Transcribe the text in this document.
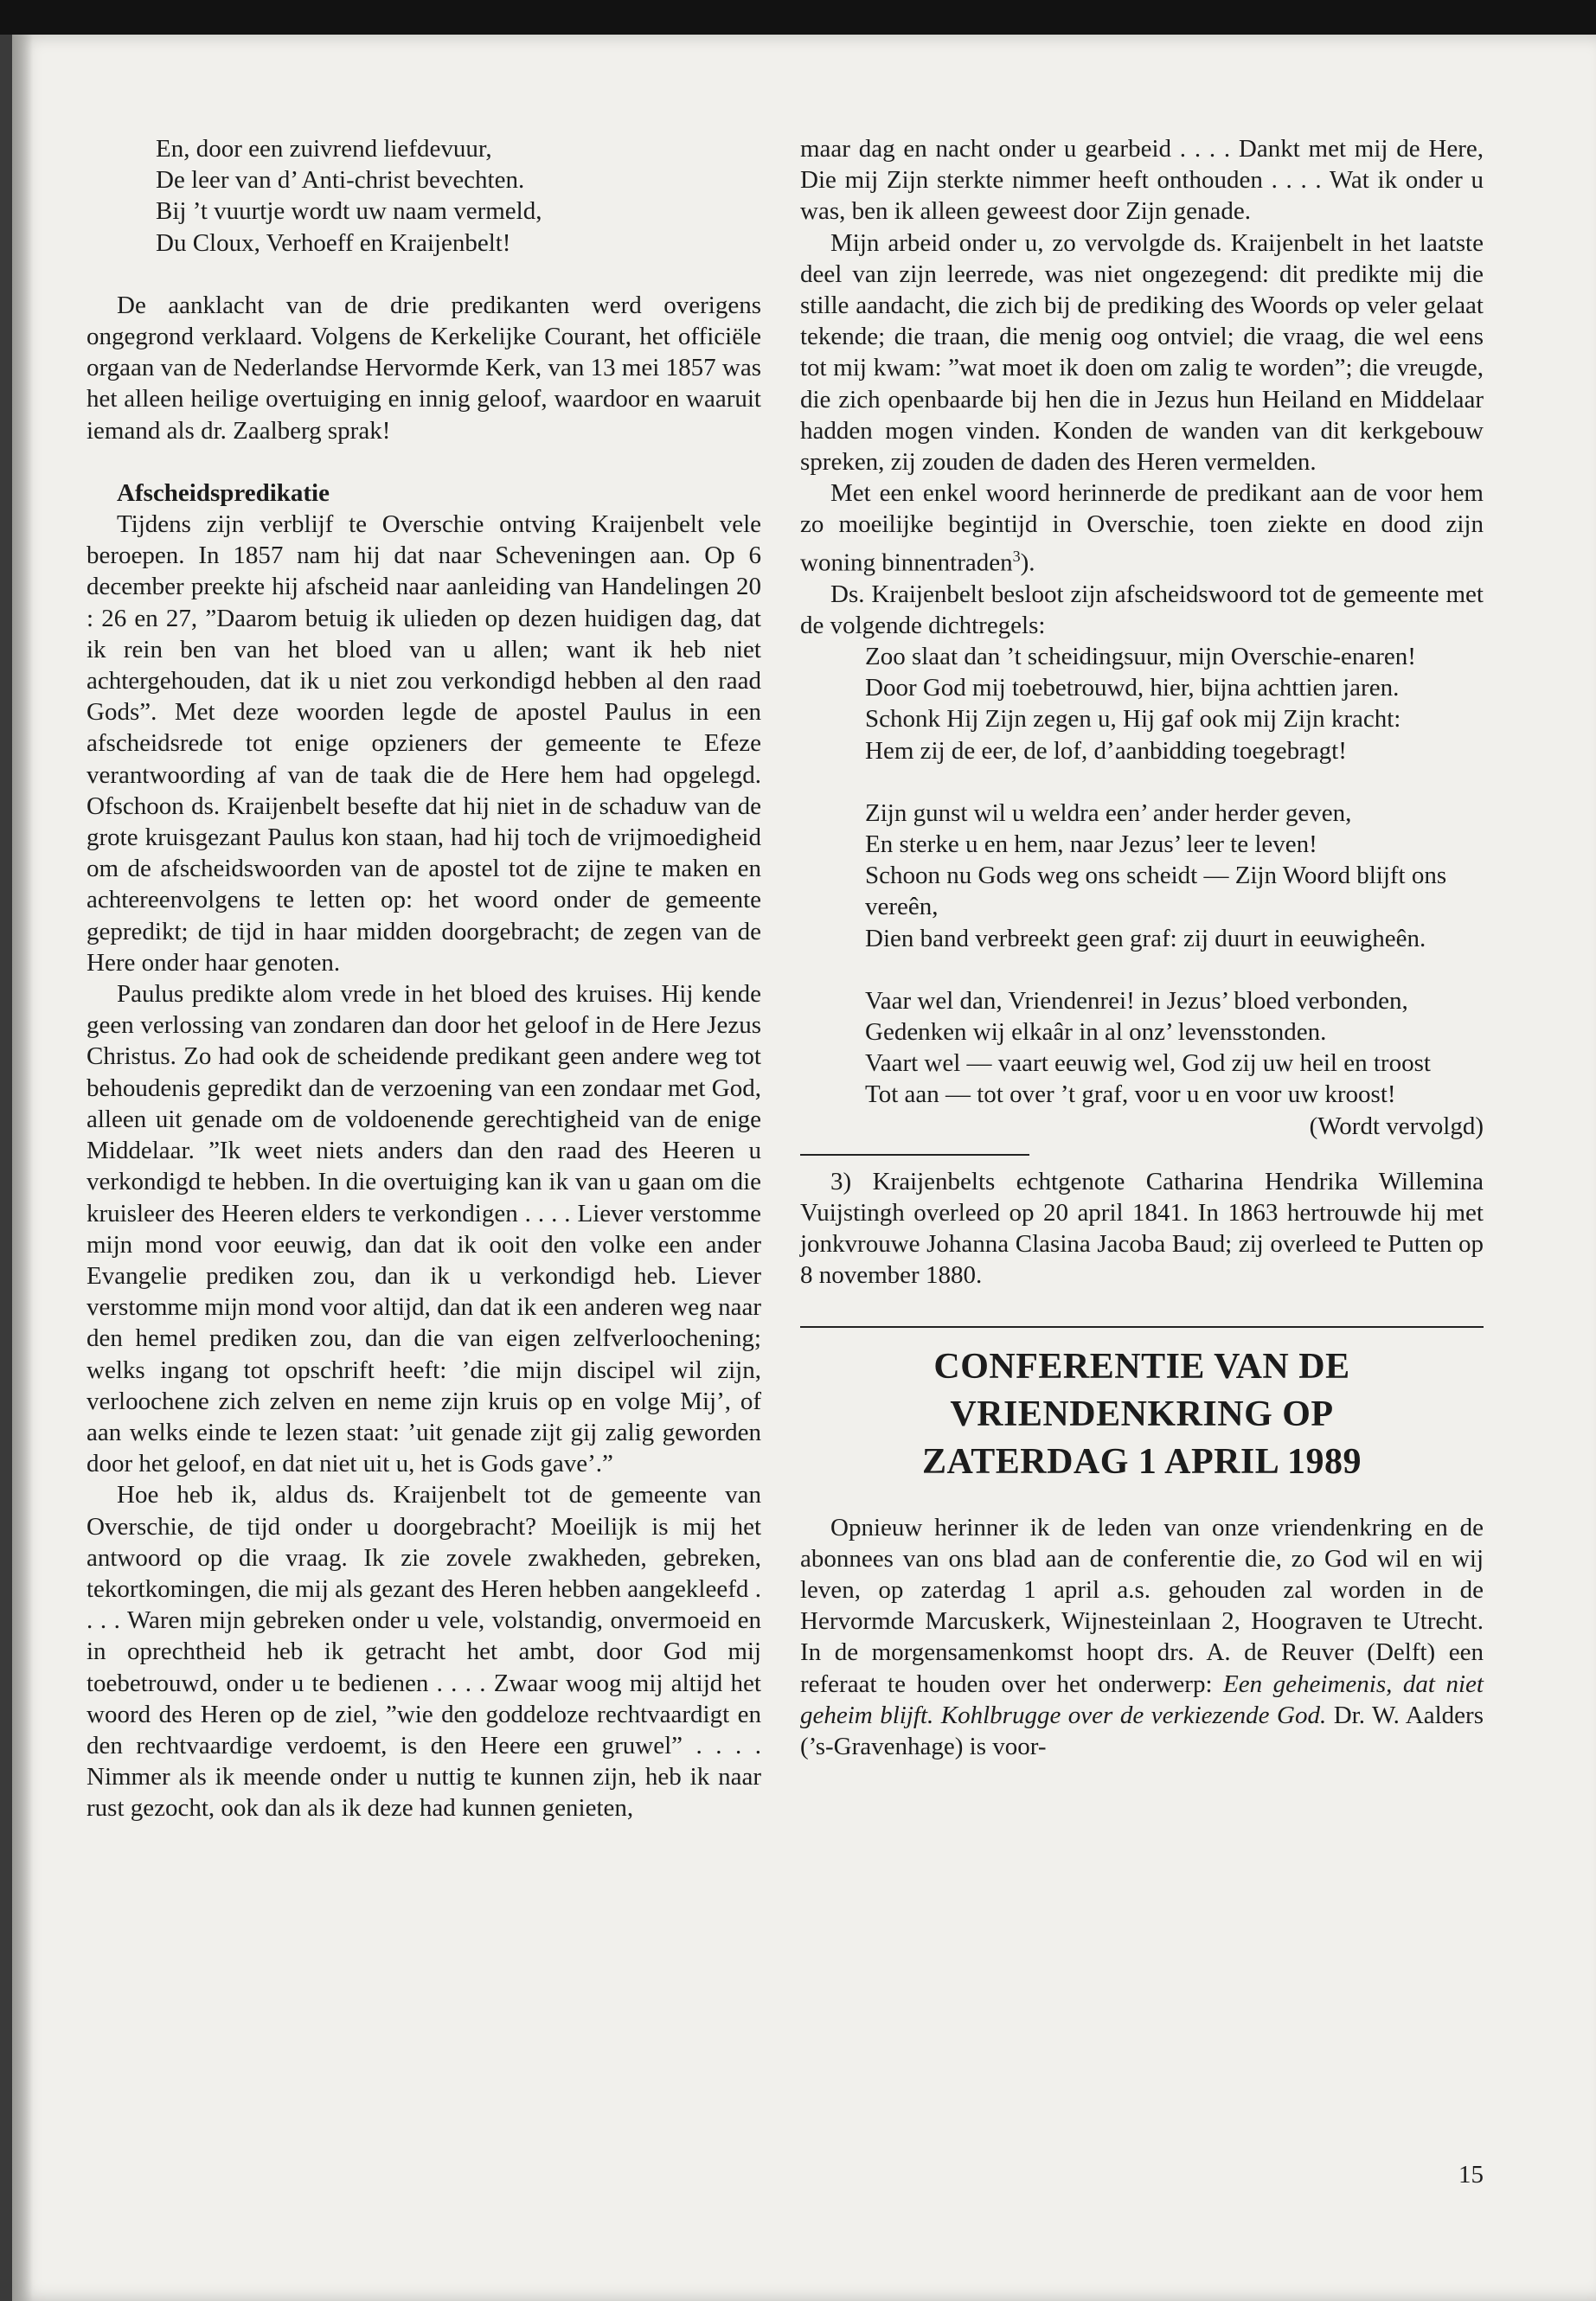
En, door een zuivrend liefdevuur,
De leer van d’ Anti-christ bevechten.
Bij ’t vuurtje wordt uw naam vermeld,
Du Cloux, Verhoeff en Kraijenbelt!

De aanklacht van de drie predikanten werd overigens ongegrond verklaard. Volgens de Kerkelijke Courant, het officiële orgaan van de Nederlandse Hervormde Kerk, van 13 mei 1857 was het alleen heilige overtuiging en innig geloof, waardoor en waaruit iemand als dr. Zaalberg sprak!

Afscheidspredikatie

Tijdens zijn verblijf te Overschie ontving Kraijenbelt vele beroepen. In 1857 nam hij dat naar Scheveningen aan. Op 6 december preekte hij afscheid naar aanleiding van Handelingen 20 : 26 en 27, ”Daarom betuig ik ulieden op dezen huidigen dag, dat ik rein ben van het bloed van u allen; want ik heb niet achtergehouden, dat ik u niet zou verkondigd hebben al den raad Gods”. Met deze woorden legde de apostel Paulus in een afscheidsrede tot enige opzieners der gemeente te Efeze verantwoording af van de taak die de Here hem had opgelegd. Ofschoon ds. Kraijenbelt besefte dat hij niet in de schaduw van de grote kruisgezant Paulus kon staan, had hij toch de vrijmoedigheid om de afscheidswoorden van de apostel tot de zijne te maken en achtereenvolgens te letten op: het woord onder de gemeente gepredikt; de tijd in haar midden doorgebracht; de zegen van de Here onder haar genoten.

Paulus predikte alom vrede in het bloed des kruises. Hij kende geen verlossing van zondaren dan door het geloof in de Here Jezus Christus. Zo had ook de scheidende predikant geen andere weg tot behoudenis gepredikt dan de verzoening van een zondaar met God, alleen uit genade om de voldoenende gerechtigheid van de enige Middelaar. ”Ik weet niets anders dan den raad des Heeren u verkondigd te hebben. In die overtuiging kan ik van u gaan om die kruisleer des Heeren elders te verkondigen . . . . Liever verstomme mijn mond voor eeuwig, dan dat ik ooit den volke een ander Evangelie prediken zou, dan ik u verkondigd heb. Liever verstomme mijn mond voor altijd, dan dat ik een anderen weg naar den hemel prediken zou, dan die van eigen zelfverloochening; welks ingang tot opschrift heeft: ’die mijn discipel wil zijn, verloochene zich zelven en neme zijn kruis op en volge Mij’, of aan welks einde te lezen staat: ’uit genade zijt gij zalig geworden door het geloof, en dat niet uit u, het is Gods gave’.”

Hoe heb ik, aldus ds. Kraijenbelt tot de gemeente van Overschie, de tijd onder u doorgebracht? Moeilijk is mij het antwoord op die vraag. Ik zie zovele zwakheden, gebreken, tekortkomingen, die mij als gezant des Heren hebben aangekleefd . . . . Waren mijn gebreken onder u vele, volstandig, onvermoeid en in oprechtheid heb ik getracht het ambt, door God mij toebetrouwd, onder u te bedienen . . . . Zwaar woog mij altijd het woord des Heren op de ziel, ”wie den goddeloze rechtvaardigt en den rechtvaardige verdoemt, is den Heere een gruwel” . . . . Nimmer als ik meende onder u nuttig te kunnen zijn, heb ik naar rust gezocht, ook dan als ik deze had kunnen genieten,

maar dag en nacht onder u gearbeid . . . . Dankt met mij de Here, Die mij Zijn sterkte nimmer heeft onthouden . . . . Wat ik onder u was, ben ik alleen geweest door Zijn genade.

Mijn arbeid onder u, zo vervolgde ds. Kraijenbelt in het laatste deel van zijn leerrede, was niet ongezegend: dit predikte mij die stille aandacht, die zich bij de prediking des Woords op veler gelaat tekende; die traan, die menig oog ontviel; die vraag, die wel eens tot mij kwam: ”wat moet ik doen om zalig te worden”; die vreugde, die zich openbaarde bij hen die in Jezus hun Heiland en Middelaar hadden mogen vinden. Konden de wanden van dit kerkgebouw spreken, zij zouden de daden des Heren vermelden.

Met een enkel woord herinnerde de predikant aan de voor hem zo moeilijke begintijd in Overschie, toen ziekte en dood zijn woning binnentraden$^3$).

Ds. Kraijenbelt besloot zijn afscheidswoord tot de gemeente met de volgende dichtregels:

Zoo slaat dan ’t scheidingsuur, mijn Overschie-enaren!
Door God mij toebetrouwd, hier, bijna achttien jaren.
Schonk Hij Zijn zegen u, Hij gaf ook mij Zijn kracht:
Hem zij de eer, de lof, d’aanbidding toegebragt!
Zijn gunst wil u weldra een’ ander herder geven,
En sterke u en hem, naar Jezus’ leer te leven!
Schoon nu Gods weg ons scheidt — Zijn Woord blijft ons vereên,
Dien band verbreekt geen graf: zij duurt in eeuwigheên.
Vaar wel dan, Vriendenrei! in Jezus’ bloed verbonden,
Gedenken wij elkaâr in al onz’ levensstonden.
Vaart wel — vaart eeuwig wel, God zij uw heil en troost
Tot aan — tot over ’t graf, voor u en voor uw kroost!

(Wordt vervolgd)

3) Kraijenbelts echtgenote Catharina Hendrika Willemina Vuijstingh overleed op 20 april 1841. In 1863 hertrouwde hij met jonkvrouwe Johanna Clasina Jacoba Baud; zij overleed te Putten op 8 november 1880.

CONFERENTIE VAN DE
VRIENDENKRING OP
ZATERDAG 1 APRIL 1989

Opnieuw herinner ik de leden van onze vriendenkring en de abonnees van ons blad aan de conferentie die, zo God wil en wij leven, op zaterdag 1 april a.s. gehouden zal worden in de Hervormde Marcuskerk, Wijnesteinlaan 2, Hoograven te Utrecht. In de morgensamenkomst hoopt drs. A. de Reuver (Delft) een referaat te houden over het onderwerp: Een geheimenis, dat niet geheim blijft. Kohlbrugge over de verkiezende God. Dr. W. Aalders (’s-Gravenhage) is voor-

15
